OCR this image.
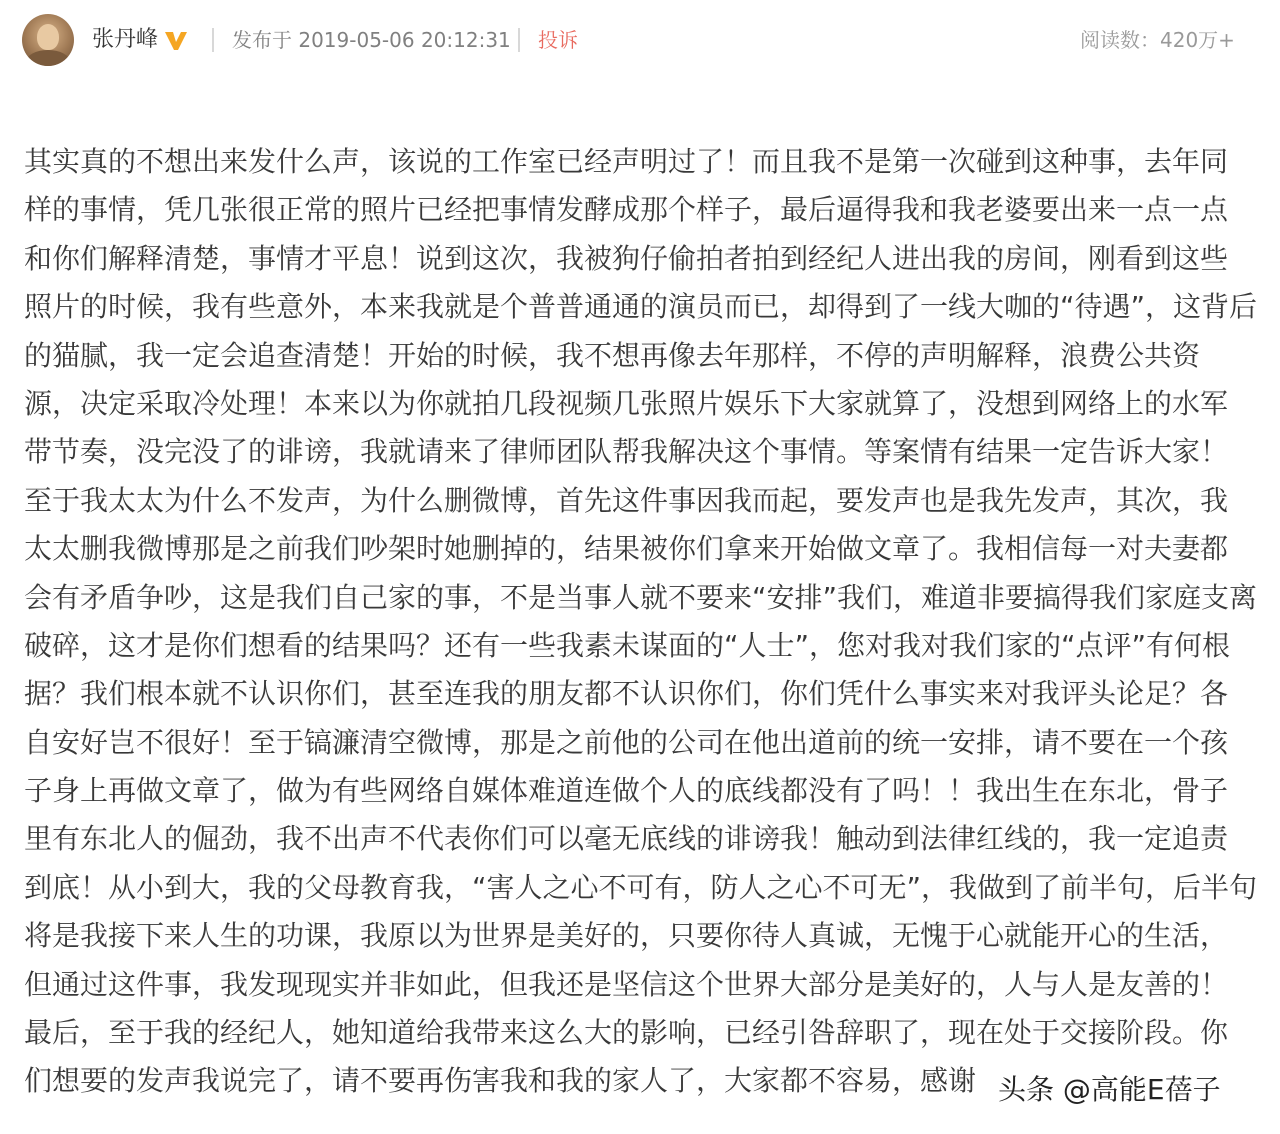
张丹峰	发布于 2019-05-06 20:12:31 投诉	阅读数：420万+
其实真的不想出来发什么声，该说的工作室已经声明过了！而且我不是第一次碰到这种事，去年同
样的事情，凭几张很正常的照片已经把事情发酵成那个样子，最后逼得我和我老婆要出来一点一点
和你们解释清楚，事情才平息！说到这次，我被狗仔偷拍者拍到经纪人进出我的房间，刚看到这些
照片的时候，我有些意外，本来我就是个普普通通的演员而已，却得到了一线大咖的“待遇”，这背后
的猫腻，我一定会追查清楚！开始的时候，我不想再像去年那样，不停的声明解释，浪费公共资
源，决定采取冷处理！本来以为你就拍几段视频几张照片娱乐下大家就算了，没想到网络上的水军
带节奏，没完没了的诽谤，我就请来了律师团队帮我解决这个事情。等案情有结果一定告诉大家！
至于我太太为什么不发声，为什么删微博，首先这件事因我而起，要发声也是我先发声，其次，我
太太删我微博那是之前我们吵架时她删掉的，结果被你们拿来开始做文章了。我相信每一对夫妻都
会有矛盾争吵，这是我们自己家的事，不是当事人就不要来“安排”我们，难道非要搞得我们家庭支离
破碎，这才是你们想看的结果吗？还有一些我素未谋面的“人士”，您对我对我们家的“点评”有何根
据？我们根本就不认识你们，甚至连我的朋友都不认识你们，你们凭什么事实来对我评头论足？各
自安好岂不很好！至于镐濂清空微博，那是之前他的公司在他出道前的统一安排，请不要在一个孩
子身上再做文章了，做为有些网络自媒体难道连做个人的底线都没有了吗！！我出生在东北，骨子
里有东北人的倔劲，我不出声不代表你们可以毫无底线的诽谤我！触动到法律红线的，我一定追责
到底！从小到大，我的父母教育我，“害人之心不可有，防人之心不可无”，我做到了前半句，后半句
将是我接下来人生的功课，我原以为世界是美好的，只要你待人真诚，无愧于心就能开心的生活，
但通过这件事，我发现现实并非如此，但我还是坚信这个世界大部分是美好的，人与人是友善的！
最后，至于我的经纪人，她知道给我带来这么大的影响，已经引咎辞职了，现在处于交接阶段。你
们想要的发声我说完了，请不要再伤害我和我的家人了，大家都不容易，感谢 头条 @高能E蓓子
